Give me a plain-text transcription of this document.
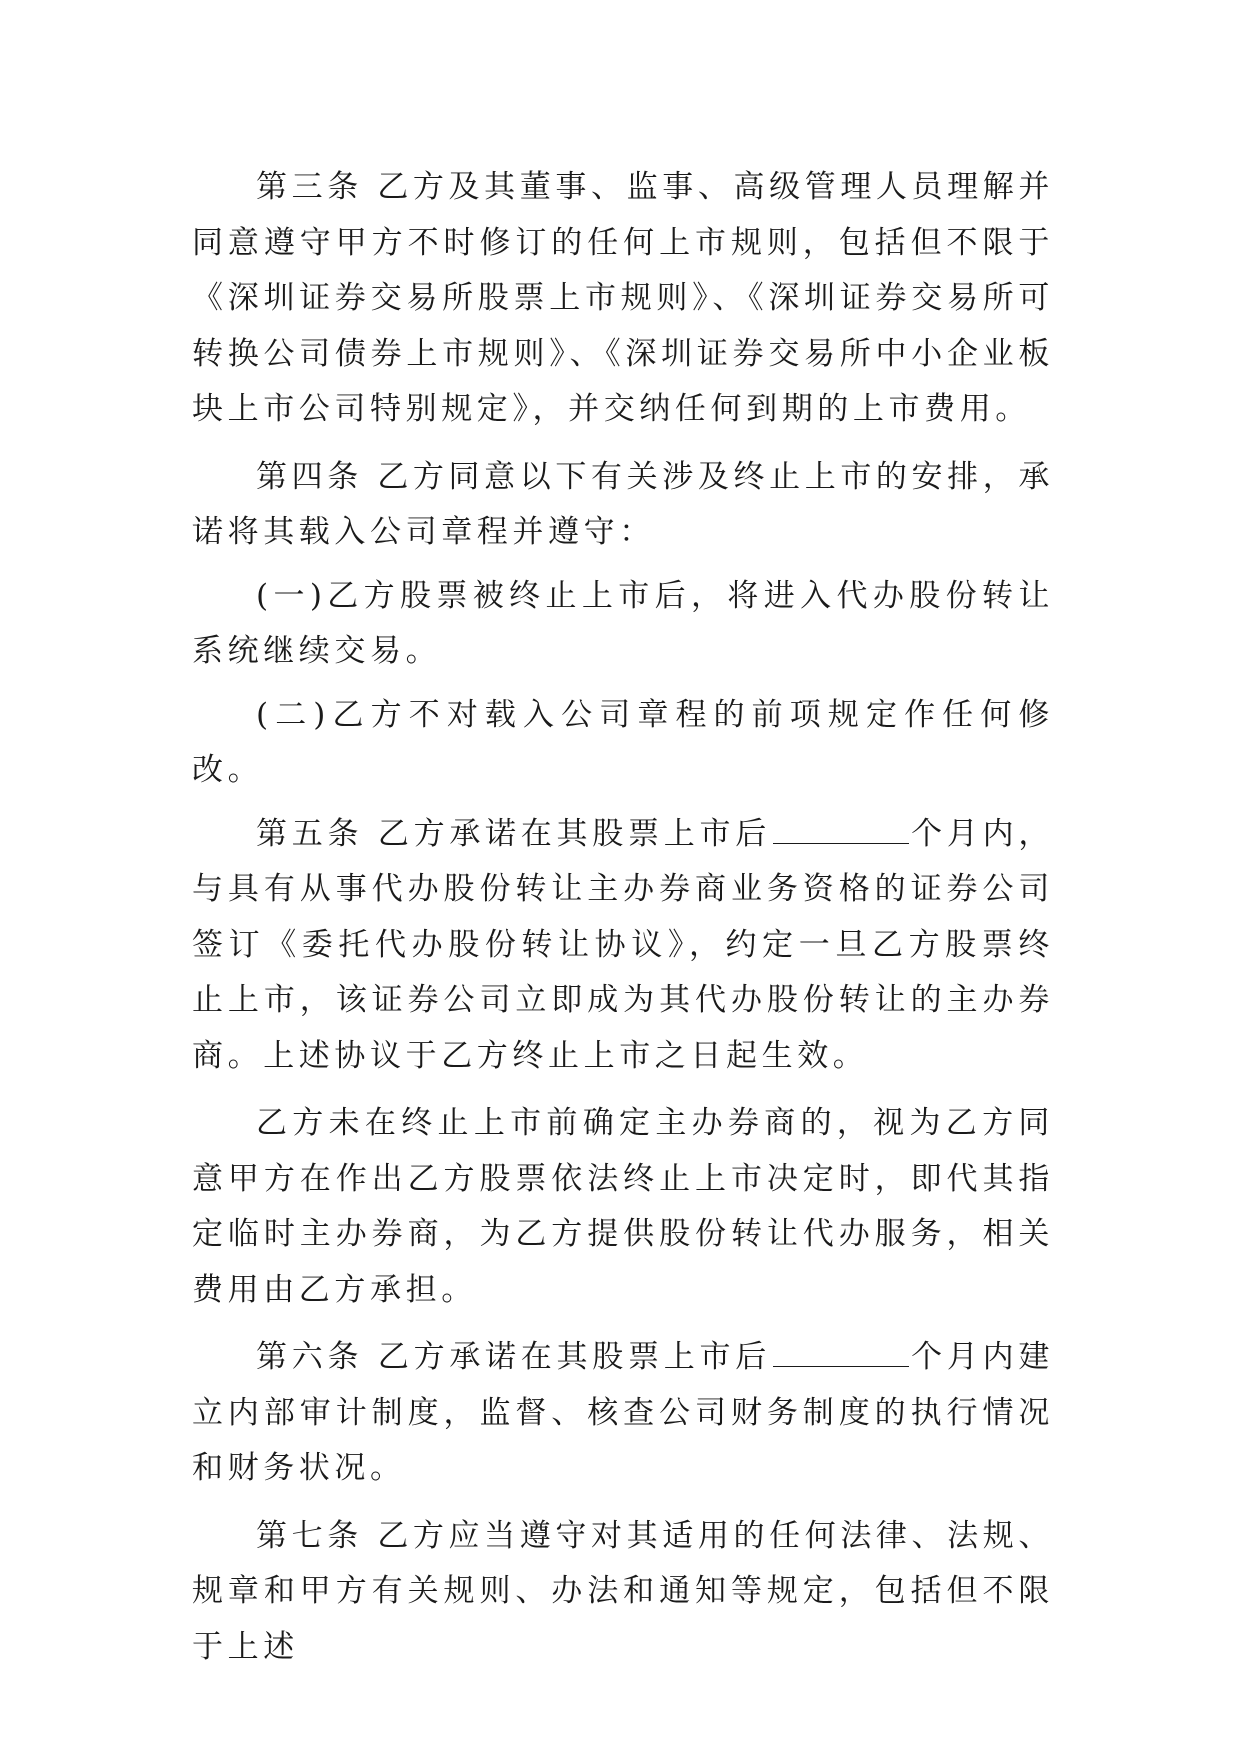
第三条 乙方及其董事、监事、高级管理人员理解并同意遵守甲方不时修订的任何上市规则，包括但不限于《深圳证券交易所股票上市规则》、《深圳证券交易所可转换公司债券上市规则》、《深圳证券交易所中小企业板块上市公司特别规定》，并交纳任何到期的上市费用。

第四条 乙方同意以下有关涉及终止上市的安排，承诺将其载入公司章程并遵守：

(一)乙方股票被终止上市后，将进入代办股份转让系统继续交易。

(二)乙方不对载入公司章程的前项规定作任何修改。

第五条 乙方承诺在其股票上市后	个月内，与具有从事代办股份转让主办券商业务资格的证券公司签订《委托代办股份转让协议》，约定一旦乙方股票终止上市，该证券公司立即成为其代办股份转让的主办券商。上述协议于乙方终止上市之日起生效。

乙方未在终止上市前确定主办券商的，视为乙方同意甲方在作出乙方股票依法终止上市决定时，即代其指定临时主办券商，为乙方提供股份转让代办服务，相关费用由乙方承担。

第六条 乙方承诺在其股票上市后	个月内建立内部审计制度，监督、核查公司财务制度的执行情况和财务状况。

第七条 乙方应当遵守对其适用的任何法律、法规、规章和甲方有关规则、办法和通知等规定，包括但不限于上述
